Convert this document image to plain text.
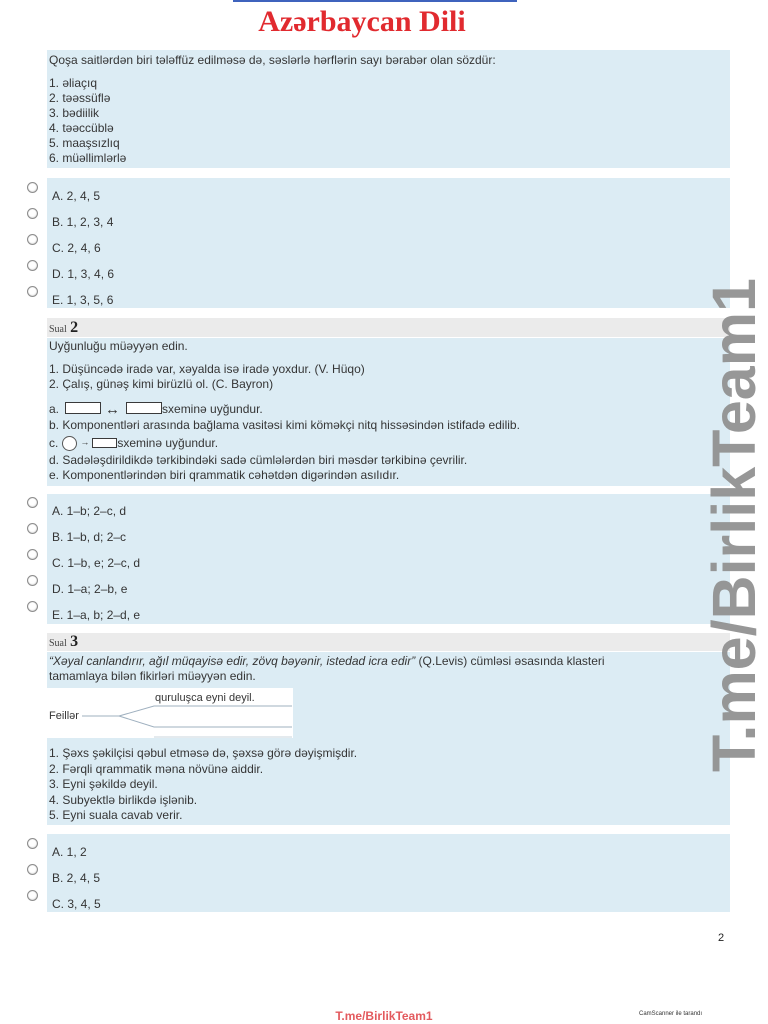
Azərbaycan Dili

Qoşa saitlərdən biri tələffüz edilməsə də, səslərlə hərflərin sayı bərabər olan sözdür:

1. əliaçıq

2. təəssüflə

3. bədiilik

4. təəccüblə

5. maaşsızlıq

6. müəllimlərlə

A. 2, 4, 5
B. 1, 2, 3, 4
C. 2, 4, 6
D. 1, 3, 4, 6
E. 1, 3, 5, 6
Sual 2

Uyğunluğu müəyyən edin.

1. Düşüncədə iradə var, xəyalda isə iradə yoxdur. (V. Hüqo)

2. Çalış, günəş kimi birüzlü ol. (C. Bayron)

a.	↔	sxeminə uyğundur.

b. Komponentləri arasında bağlama vasitəsi kimi köməkçi nitq hissəsindən istifadə edilib.

c. → sxeminə uyğundur.

d. Sadələşdirildikdə tərkibindəki sadə cümlələrdən biri məsdər tərkibinə çevrilir.

e. Komponentlərindən biri qrammatik cəhətdən digərindən asılıdır.

A. 1–b; 2–c, d
B. 1–b, d; 2–c
C. 1–b, e; 2–c, d
D. 1–a; 2–b, e
E. 1–a, b; 2–d, e
Sual 3

“Xəyal canlandırır, ağıl müqayisə edir, zövq bəyənir, istedad icra edir” (Q.Levis) cümləsi əsasında klasteri

tamamlaya bilən fikirləri müəyyən edin.

Feillər
quruluşca eyni deyil.

1. Şəxs şəkilçisi qəbul etməsə də, şəxsə görə dəyişmişdir.

2. Fərqli qrammatik məna növünə aiddir.

3. Eyni şəkildə deyil.

4. Subyektlə birlikdə işlənib.

5. Eyni suala cavab verir.

A. 1, 2
B. 2, 4, 5
C. 3, 4, 5
T.me/BirlikTeam1
2
T.me/BirlikTeam1	CamScanner ile tarandı
